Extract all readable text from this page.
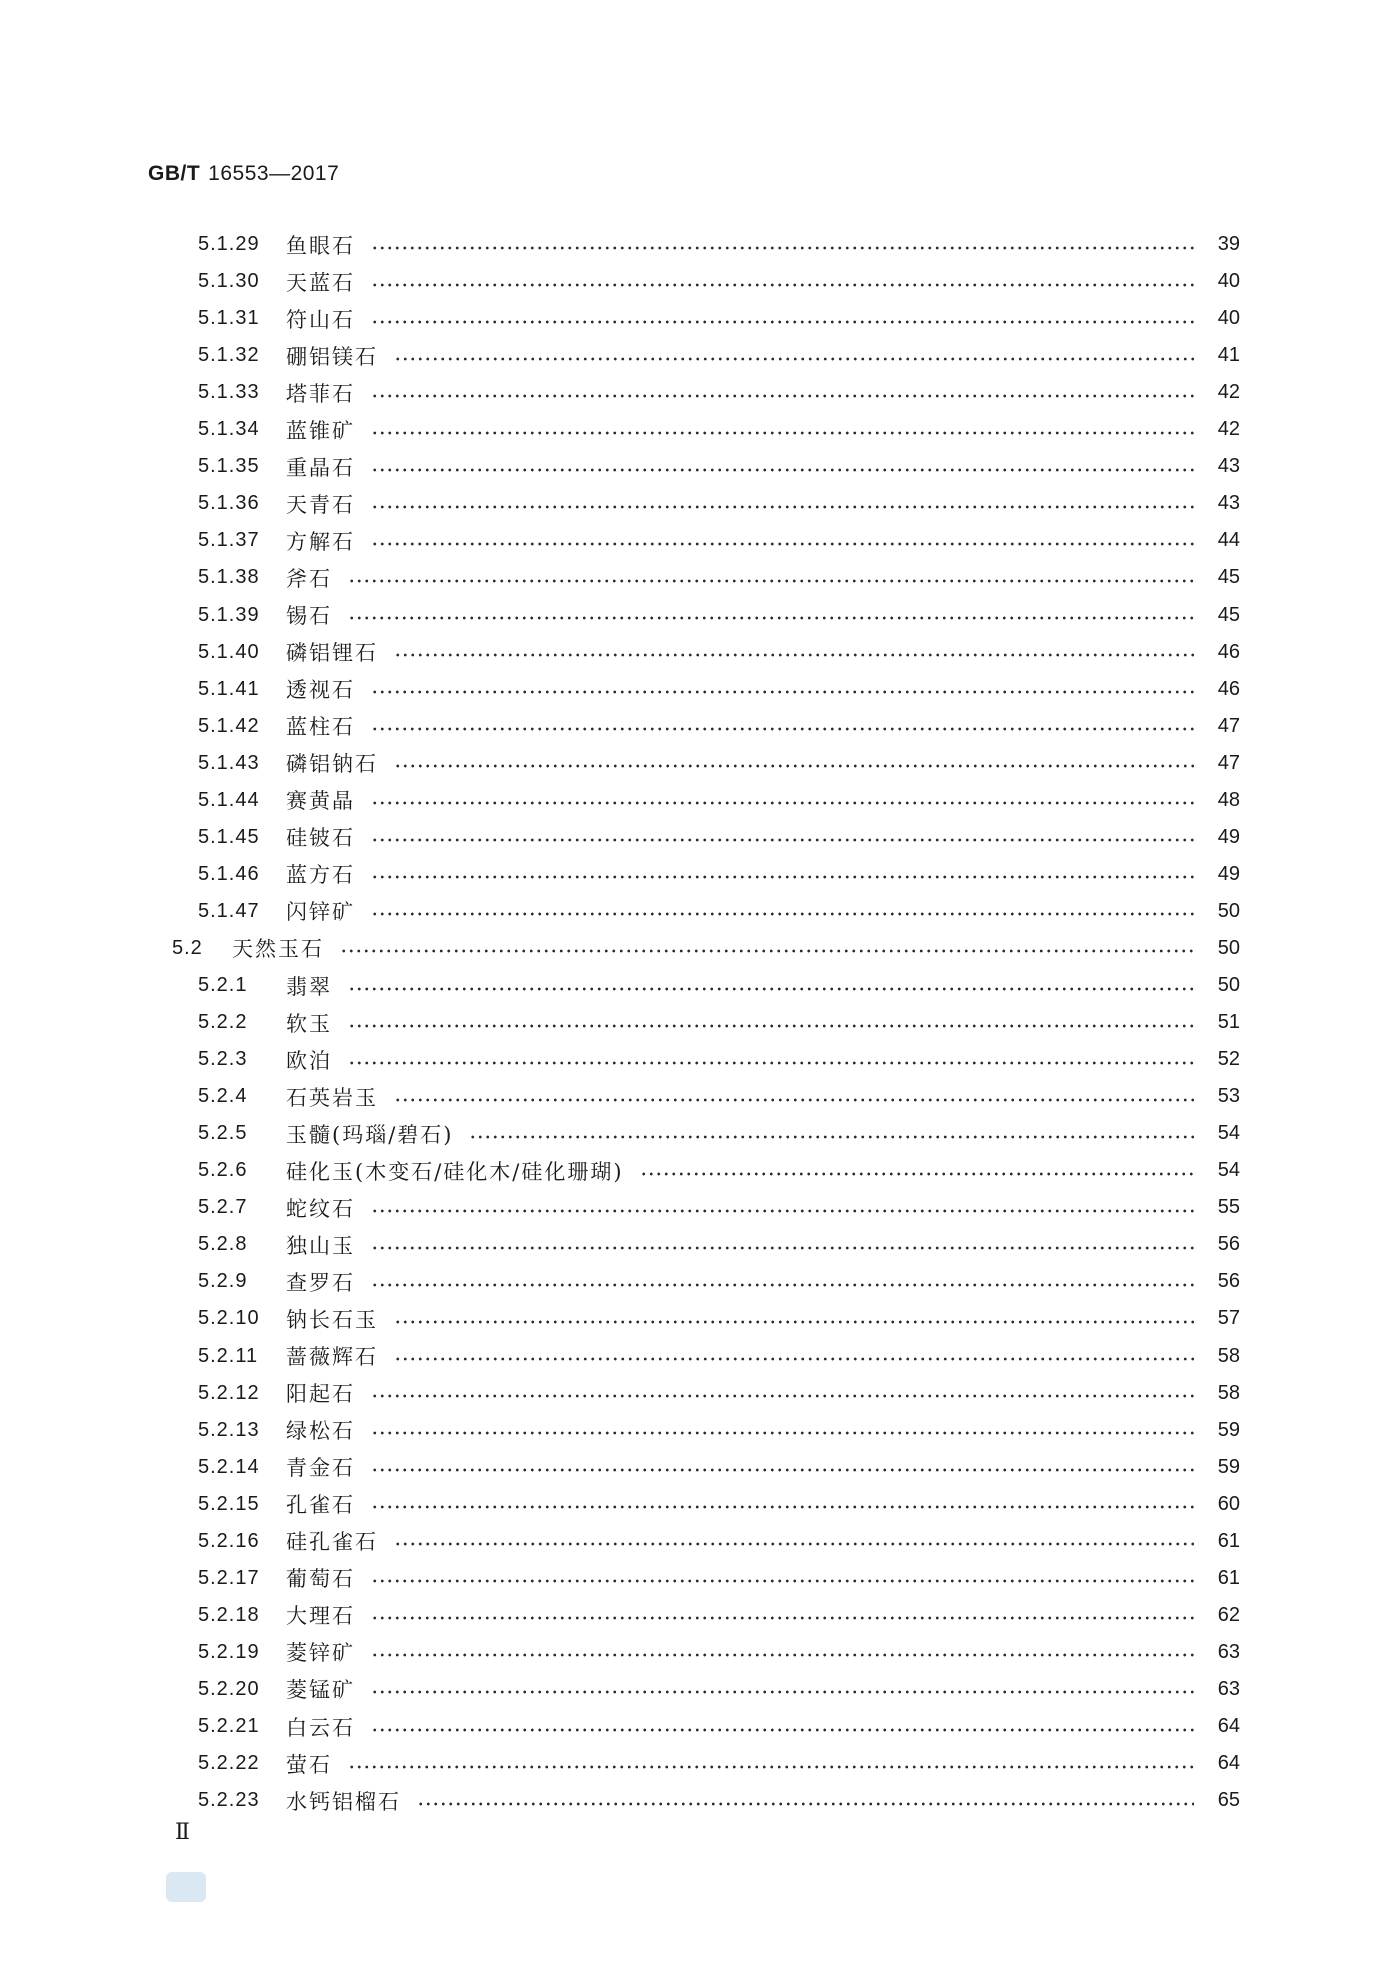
GB/T 16553—2017
5.1.29	鱼眼石	39
5.1.30	天蓝石	40
5.1.31	符山石	40
5.1.32	硼铝镁石	41
5.1.33	塔菲石	42
5.1.34	蓝锥矿	42
5.1.35	重晶石	43
5.1.36	天青石	43
5.1.37	方解石	44
5.1.38	斧石	45
5.1.39	锡石	45
5.1.40	磷铝锂石	46
5.1.41	透视石	46
5.1.42	蓝柱石	47
5.1.43	磷铝钠石	47
5.1.44	赛黄晶	48
5.1.45	硅铍石	49
5.1.46	蓝方石	49
5.1.47	闪锌矿	50
5.2	天然玉石	50
5.2.1	翡翠	50
5.2.2	软玉	51
5.2.3	欧泊	52
5.2.4	石英岩玉	53
5.2.5	玉髓(玛瑙/碧石)	54
5.2.6	硅化玉(木变石/硅化木/硅化珊瑚)	54
5.2.7	蛇纹石	55
5.2.8	独山玉	56
5.2.9	查罗石	56
5.2.10	钠长石玉	57
5.2.11	蔷薇辉石	58
5.2.12	阳起石	58
5.2.13	绿松石	59
5.2.14	青金石	59
5.2.15	孔雀石	60
5.2.16	硅孔雀石	61
5.2.17	葡萄石	61
5.2.18	大理石	62
5.2.19	菱锌矿	63
5.2.20	菱锰矿	63
5.2.21	白云石	64
5.2.22	萤石	64
5.2.23	水钙铝榴石	65
Ⅱ
